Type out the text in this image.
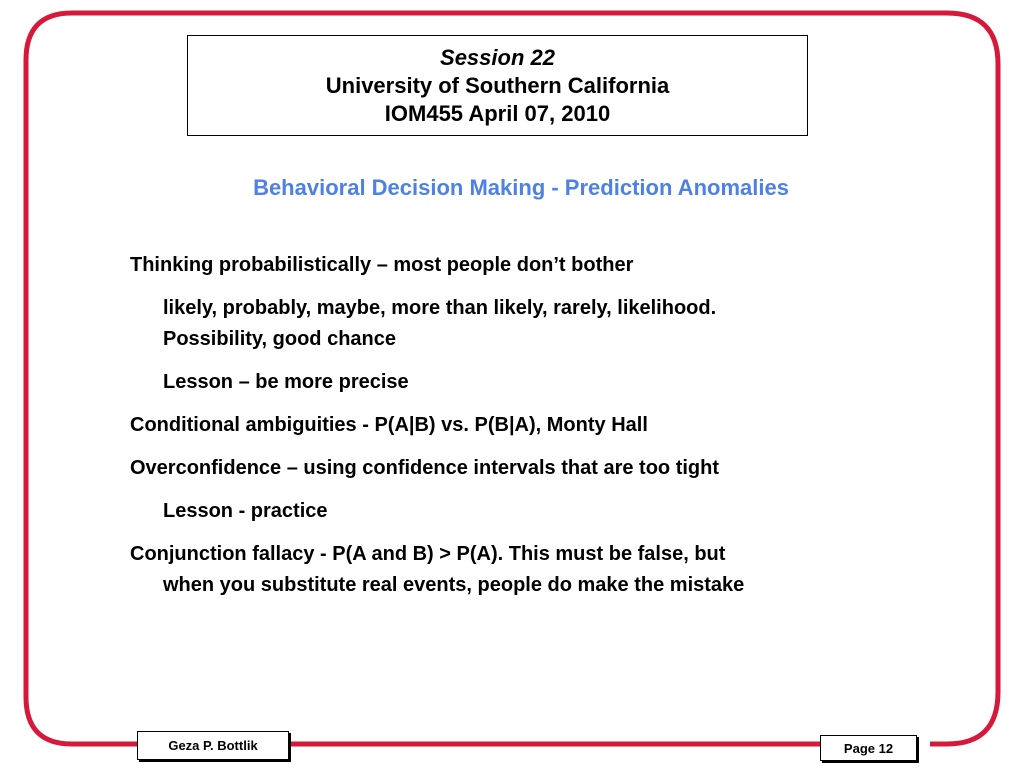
Session 22
University of Southern California
IOM455 April 07, 2010
Behavioral Decision Making - Prediction Anomalies
Thinking probabilistically – most people don’t bother
likely, probably, maybe, more than likely, rarely, likelihood.
Possibility, good chance
Lesson – be more precise
Conditional ambiguities - P(A|B) vs. P(B|A), Monty Hall
Overconfidence – using confidence intervals that are too tight
Lesson - practice
Conjunction fallacy - P(A and B) > P(A). This must be false, but
when you substitute real events, people do make the mistake
Geza P. Bottlik	Page 12
